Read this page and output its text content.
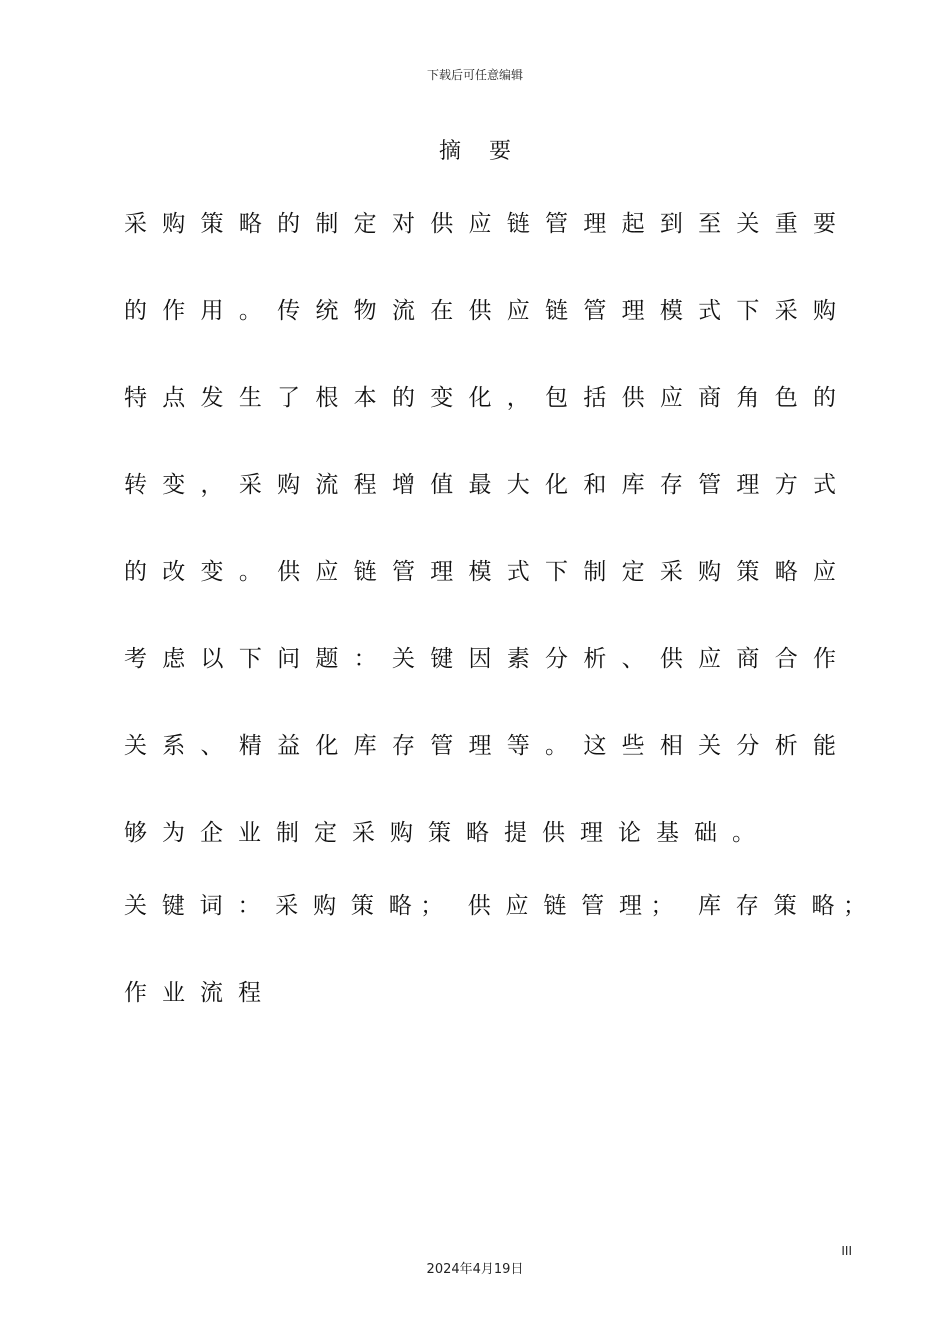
下载后可任意编辑
摘要
采 购 策 略 的 制 定 对 供 应 链 管 理 起 到 至 关 重 要
的 作 用 。 传 统 物 流 在 供 应 链 管 理 模 式 下 采 购
特 点 发 生 了 根 本 的 变 化 ， 包 括 供 应 商 角 色 的
转 变 ， 采 购 流 程 增 值 最 大 化 和 库 存 管 理 方 式
的 改 变 。 供 应 链 管 理 模 式 下 制 定 采 购 策 略 应
考 虑 以 下 问 题 ： 关 键 因 素 分 析 、 供 应 商 合 作
关 系 、 精 益 化 库 存 管 理 等 。 这 些 相 关 分 析 能
够为企业制定采购策略提供理论基础。
关 键 词 ： 采 购 策 略 ；   供 应 链 管 理 ；   库 存 策 略 ；
作业流程
III
2024年4月19日
